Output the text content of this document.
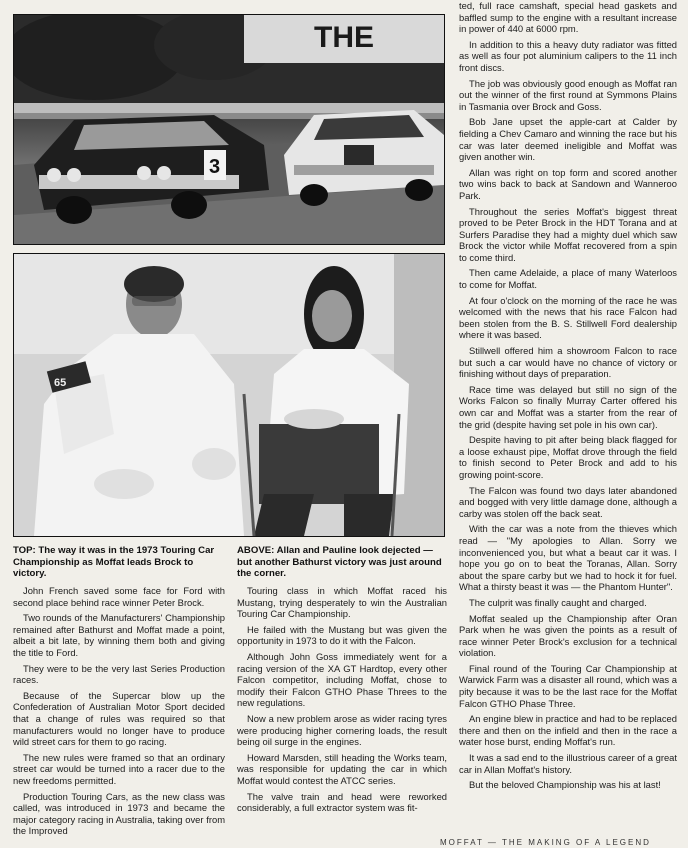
THE
3
65
TOP: The way it was in the 1973 Touring Car Championship as Moffat leads Brock to victory.
ABOVE: Allan and Pauline look dejected — but another Bathurst victory was just around the corner.

John French saved some face for Ford with second place behind race winner Peter Brock.

Two rounds of the Manufacturers' Championship remained after Bathurst and Moffat made a point, albeit a bit late, by winning them both and giving the title to Ford.

They were to be the very last Series Production races.

Because of the Supercar blow up the Confederation of Australian Motor Sport decided that a change of rules was required so that manufacturers would no longer have to produce wild street cars for them to go racing.

The new rules were framed so that an ordinary street car would be turned into a racer due to the new freedoms permitted.

Production Touring Cars, as the new class was called, was introduced in 1973 and became the major category racing in Australia, taking over from the Improved

Touring class in which Moffat raced his Mustang, trying desperately to win the Australian Touring Car Championship.

He failed with the Mustang but was given the opportunity in 1973 to do it with the Falcon.

Although John Goss immediately went for a racing version of the XA GT Hardtop, every other Falcon competitor, including Moffat, chose to modify their Falcon GTHO Phase Threes to the new regulations.

Now a new problem arose as wider racing tyres were producing higher cornering loads, the result being oil surge in the engines.

Howard Marsden, still heading the Works team, was responsible for updating the car in which Moffat would contest the ATCC series.

The valve train and head were reworked considerably, a full extractor system was fit-

ted, full race camshaft, special head gaskets and baffled sump to the engine with a resultant increase in power of 440 at 6000 rpm.

In addition to this a heavy duty radiator was fitted as well as four pot aluminium calipers to the 11 inch front discs.

The job was obviously good enough as Moffat ran out the winner of the first round at Symmons Plains in Tasmania over Brock and Goss.

Bob Jane upset the apple-cart at Calder by fielding a Chev Camaro and winning the race but his car was later deemed ineligible and Moffat was given another win.

Allan was right on top form and scored another two wins back to back at Sandown and Wanneroo Park.

Throughout the series Moffat's biggest threat proved to be Peter Brock in the HDT Torana and at Surfers Paradise they had a mighty duel which saw Brock the victor while Moffat recovered from a spin to come third.

Then came Adelaide, a place of many Waterloos to come for Moffat.

At four o'clock on the morning of the race he was welcomed with the news that his race Falcon had been stolen from the B. S. Stillwell Ford dealership where it was based.

Stillwell offered him a showroom Falcon to race but such a car would have no chance of victory or finishing without days of preparation.

Race time was delayed but still no sign of the Works Falcon so finally Murray Carter offered his own car and Moffat was a starter from the rear of the grid (despite having set pole in his own car).

Despite having to pit after being black flagged for a loose exhaust pipe, Moffat drove through the field to finish second to Peter Brock and add to his growing point-score.

The Falcon was found two days later abandoned and bogged with very little damage done, although a carby was stolen off the back seat.

With the car was a note from the thieves which read — "My apologies to Allan. Sorry we inconvenienced you, but what a beaut car it was. I hope you go on to beat the Toranas, Allan. Sorry about the spare carby but we had to hock it for fuel. What a thirsty beast it was — the Phantom Hunter".

The culprit was finally caught and charged.

Moffat sealed up the Championship after Oran Park when he was given the points as a result of race winner Peter Brock's exclusion for a technical violation.

Final round of the Touring Car Championship at Warwick Farm was a disaster all round, which was a pity because it was to be the last race for the Moffat Falcon GTHO Phase Three.

An engine blew in practice and had to be replaced there and then on the infield and then in the race a water hose burst, ending Moffat's run.

It was a sad end to the illustrious career of a great car in Allan Moffat's history.

But the beloved Championship was his at last!

MOFFAT — THE MAKING OF A LEGEND
